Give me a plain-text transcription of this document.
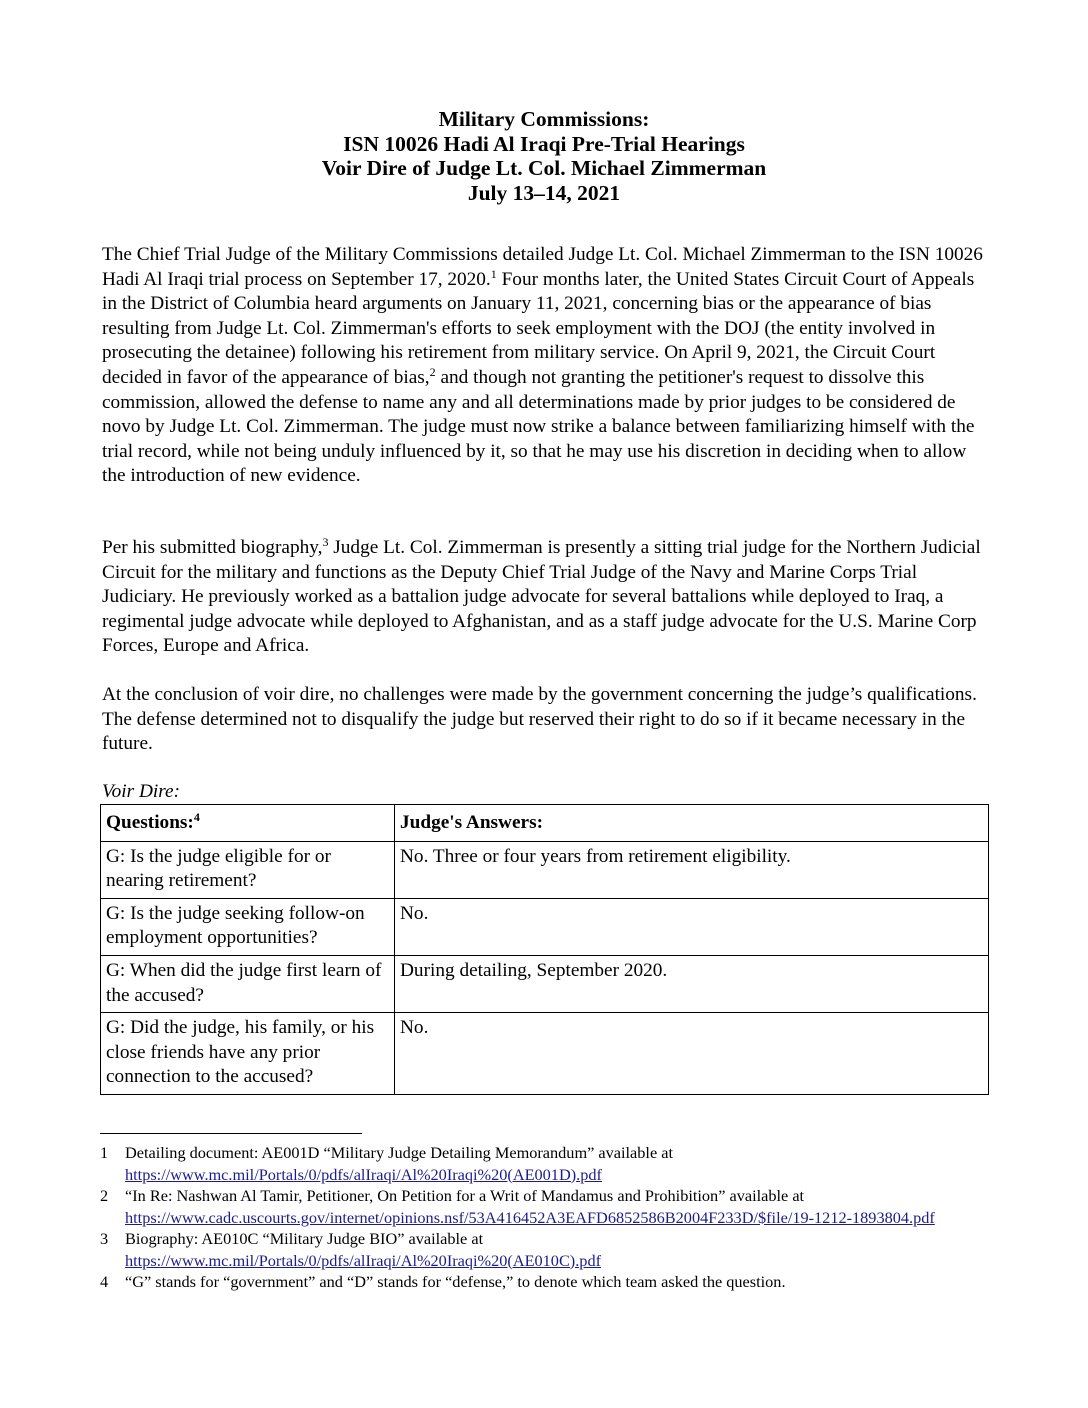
Military Commissions:
ISN 10026 Hadi Al Iraqi Pre-Trial Hearings
Voir Dire of Judge Lt. Col. Michael Zimmerman
July 13–14, 2021
The Chief Trial Judge of the Military Commissions detailed Judge Lt. Col. Michael Zimmerman to the ISN 10026 Hadi Al Iraqi trial process on September 17, 2020.$^1$ Four months later, the United States Circuit Court of Appeals in the District of Columbia heard arguments on January 11, 2021, concerning bias or the appearance of bias resulting from Judge Lt. Col. Zimmerman's efforts to seek employment with the DOJ (the entity involved in prosecuting the detainee) following his retirement from military service. On April 9, 2021, the Circuit Court decided in favor of the appearance of bias,$^2$ and though not granting the petitioner's request to dissolve this commission, allowed the defense to name any and all determinations made by prior judges to be considered de novo by Judge Lt. Col. Zimmerman. The judge must now strike a balance between familiarizing himself with the trial record, while not being unduly influenced by it, so that he may use his discretion in deciding when to allow the introduction of new evidence.
Per his submitted biography,$^3$ Judge Lt. Col. Zimmerman is presently a sitting trial judge for the Northern Judicial Circuit for the military and functions as the Deputy Chief Trial Judge of the Navy and Marine Corps Trial Judiciary. He previously worked as a battalion judge advocate for several battalions while deployed to Iraq, a regimental judge advocate while deployed to Afghanistan, and as a staff judge advocate for the U.S. Marine Corp Forces, Europe and Africa.
At the conclusion of voir dire, no challenges were made by the government concerning the judge’s qualifications. The defense determined not to disqualify the judge but reserved their right to do so if it became necessary in the future.
Voir Dire:
Questions:$^4$	Judge's Answers:
G: Is the judge eligible for or nearing retirement?	No. Three or four years from retirement eligibility.
G: Is the judge seeking follow-on employment opportunities?	No.
G: When did the judge first learn of the accused?	During detailing, September 2020.
G: Did the judge, his family, or his close friends have any prior connection to the accused?	No.
1 Detailing document: AE001D “Military Judge Detailing Memorandum” available at
https://www.mc.mil/Portals/0/pdfs/alIraqi/Al%20Iraqi%20(AE001D).pdf
2 “In Re: Nashwan Al Tamir, Petitioner, On Petition for a Writ of Mandamus and Prohibition” available at
https://www.cadc.uscourts.gov/internet/opinions.nsf/53A416452A3EAFD6852586B2004F233D/$file/19-1212-1893804.pdf
3 Biography: AE010C “Military Judge BIO” available at
https://www.mc.mil/Portals/0/pdfs/alIraqi/Al%20Iraqi%20(AE010C).pdf
4 “G” stands for “government” and “D” stands for “defense,” to denote which team asked the question.
